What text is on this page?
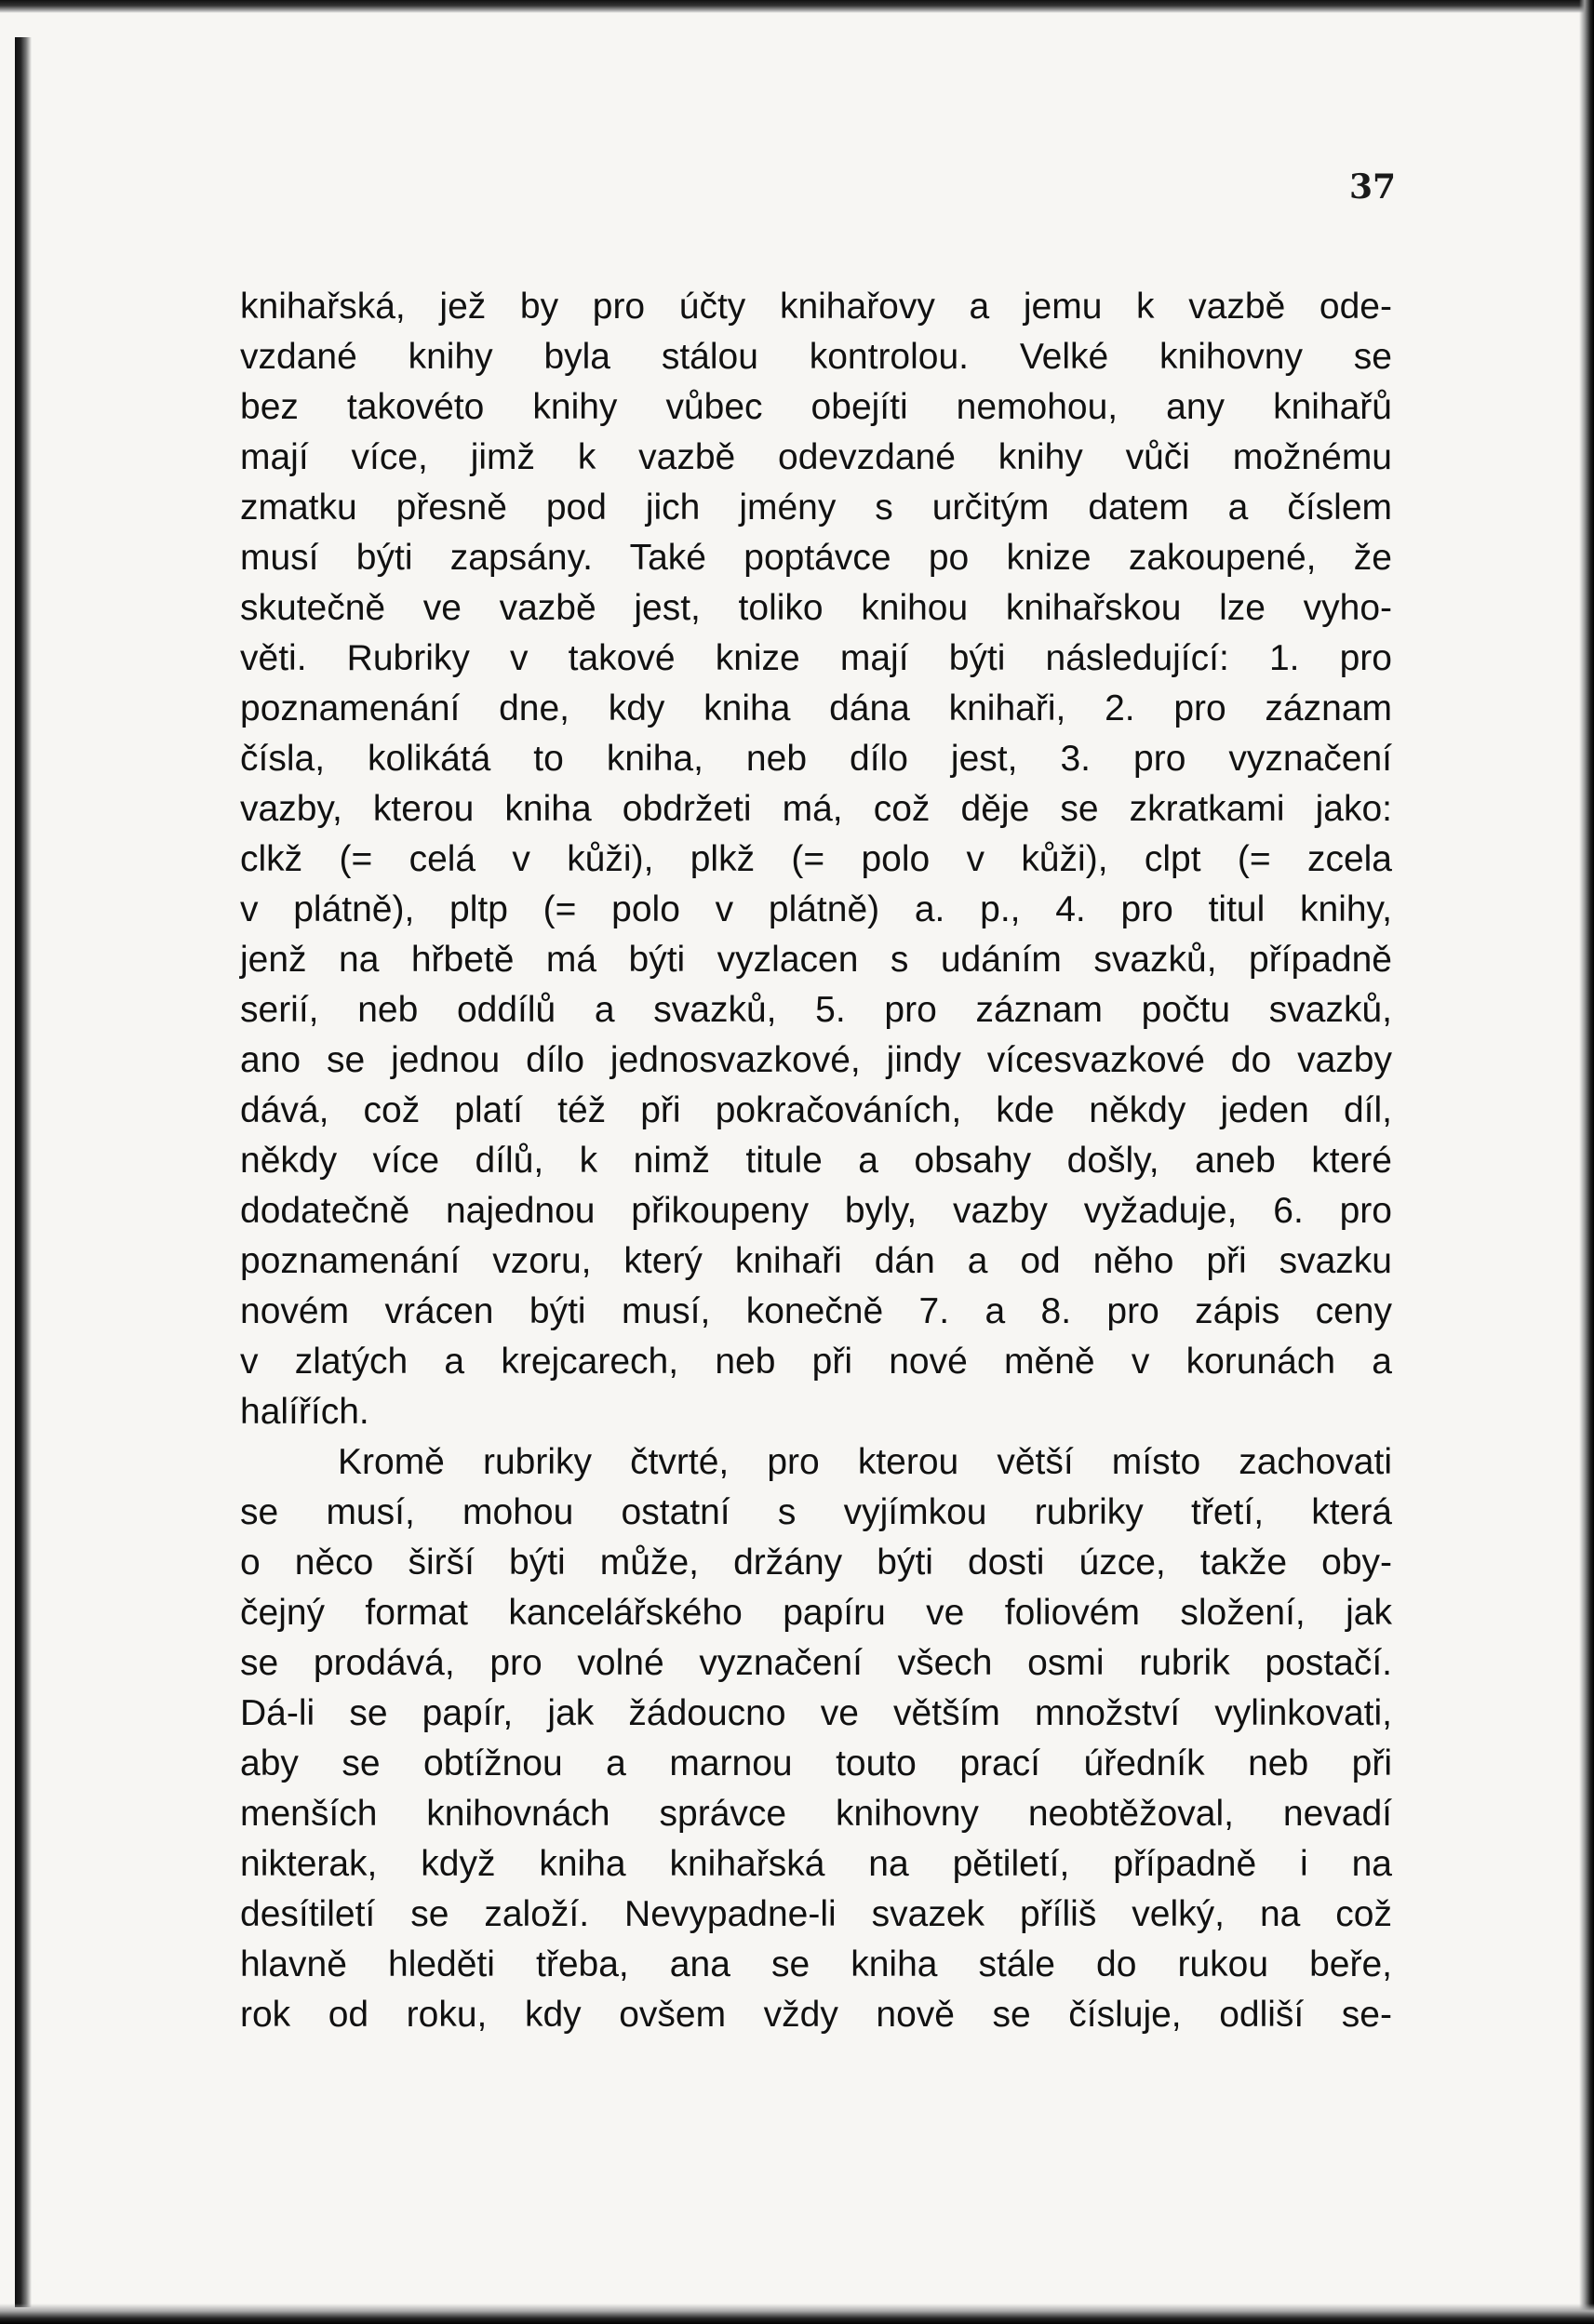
37
knihařská, jež by pro účty knihařovy a jemu k vazbě ode-
vzdané knihy byla stálou kontrolou. Velké knihovny se
bez takovéto knihy vůbec obejíti nemohou, any knihařů
mají více, jimž k vazbě odevzdané knihy vůči možnému
zmatku přesně pod jich jmény s určitým datem a číslem
musí býti zapsány. Také poptávce po knize zakoupené, že
skutečně ve vazbě jest, toliko knihou knihařskou lze vyho-
věti. Rubriky v takové knize mají býti následující: 1. pro
poznamenání dne, kdy kniha dána knihaři, 2. pro záznam
čísla, kolikátá to kniha, neb dílo jest, 3. pro vyznačení
vazby, kterou kniha obdržeti má, což děje se zkratkami jako:
clkž (= celá v kůži), plkž (= polo v kůži), clpt (= zcela
v plátně), pltp (= polo v plátně) a. p., 4. pro titul knihy,
jenž na hřbetě má býti vyzlacen s udáním svazků, případně
serií, neb oddílů a svazků, 5. pro záznam počtu svazků,
ano se jednou dílo jednosvazkové, jindy vícesvazkové do vazby
dává, což platí též při pokračováních, kde někdy jeden díl,
někdy více dílů, k nimž titule a obsahy došly, aneb které
dodatečně najednou přikoupeny byly, vazby vyžaduje, 6. pro
poznamenání vzoru, který knihaři dán a od něho při svazku
novém vrácen býti musí, konečně 7. a 8. pro zápis ceny
v zlatých a krejcarech, neb při nové měně v korunách a
halířích.
Kromě rubriky čtvrté, pro kterou větší místo zachovati
se musí, mohou ostatní s vyjímkou rubriky třetí, která
o něco širší býti může, držány býti dosti úzce, takže oby-
čejný format kancelářského papíru ve foliovém složení, jak
se prodává, pro volné vyznačení všech osmi rubrik postačí.
Dá-li se papír, jak žádoucno ve větším množství vylinkovati,
aby se obtížnou a marnou touto prací úředník neb při
menších knihovnách správce knihovny neobtěžoval, nevadí
nikterak, když kniha knihařská na pětiletí, případně i na
desítiletí se založí. Nevypadne-li svazek příliš velký, na což
hlavně hleděti třeba, ana se kniha stále do rukou beře,
rok od roku, kdy ovšem vždy nově se čísluje, odliší se-
